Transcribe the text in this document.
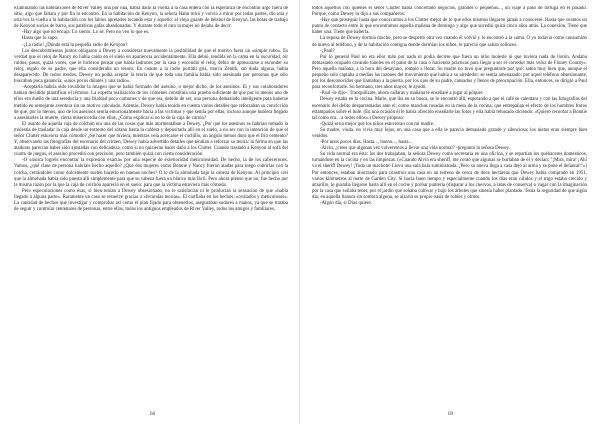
examinando las habitaciones de River Valley una por una, había dado la vuelta a la casa entera con la esperanza de encontrar algo fuera de sitio, algo que faltara y por fin lo encontró. En la habitación de Kenyon, la señora Hahn miró y volvió a mirar por todas partes, dio una y otra vez la vuelta a la habitación con los labios apretados tocando esto y aquello: el viejo guante de béisbol de Kenyon, las botas de trabajo de Kenyon sucias de barro, sus patéticas gafas abandonadas. Y durante todo el rato la mujer no dejaba de decir:

-Hay algo que no encaja. Lo siento. Lo sé. Pero no veo lo que es.

Hasta que lo supo.

-¿La radio! ¿Dónde está la pequeña radio de Kenyon?

Los descubrimientos juntos obligaron a Dewey a considerar nuevamente la posibilidad de que el motivo fuera un «simple robo». Es verdad que el reloj de Nancy no había caído en el suelo en apariencia accidentalmente. Ella debió, tendida en la cama en la oscuridad, oír ruidos, pasos, quizá voces, que le hicieron pensar que había ladrones por la casa y escondió el reloj, debió de apresurarse a esconder su reloj, regalo de su padre, que ella consideraba un tesoro. En cuanto a la radio portátil gris, marca Zenith, sin duda alguna, había desaparecido. De todos modos, Dewey no podía aceptar la teoría de que toda una familia había sido asesinada por personas que sólo buscaban poca ganancia: «unos pocos dólares y una radio».

-Aceptarla habría sido invalidar la imagen que se había formado del asesino, o mejor dicho, de los asesinos. El y sus colaboradores habían decidido plantificar el término. La experta realización de los crímenes constituía una prueba suficiente de que por lo menos uno de ellos era dueño de una sereducía y una frialdad poco comunes y de que era, debido de ser, una persona demasiado inteligente para haberse metido en semejante aventura sin un motivo calculado. Además, Dewey había tenido en cuenta varios detalles que reforzaban su convicción de que, por lo menos, uno de los asesinos sentía emocionalmente hacia a las víctimas y que sentía por ellas, incluso aunque hubiera llegado a asesinarles la muerte, cierta misericordia con ellas, ¿Cómo explicar si no lo de la caja de cartón?

El asunto de aquella caja de colchón era una de las cosas que más atormentaban a Dewey. ¿Por qué los asesinos se habrían tomado la molestia de trasladar la caja desde un extremo del sótano hasta la caldera y depositarla allí en el suelo, a no ser con la intención de que el señor Clutter estuviera más cómodo? ¿Se hacer que tuviera, mientras veía acercarse el cuchillo, un ángulo menos duro que el frío cemento? Y, observando las fotografías del escenario del crimen, Dewey había advertido detalles que tendían a reforzar su teoría: la forma en que las ataduras parecían haber sido ajustadas con delicadeza, como si no quisieran hacer daño a los Clutter. Cuando trasladó a Kenyon al sofá del cuarto de juegos, el asesino procedió con precisión, pero también quizá con cierta consideración.

-O «nunca logréis encontrar la expresión exacta» por una especie de exterioridad meticulosidad. De hecho, la de los cabecerones. Vamos, ¿qué clase de persona habríais hecho aquello? ¿Qué dos mujeres como Bonnie y Nancy fueron atadas para luego cubrirlas con la colcha, cerrándoles como dulcemente suelen hacerlo en buenas noches? O lo de la almohada bajo la cabeza de Kenyon. Al principio creí que la almohada había sido puesta allí simplemente para que su cabeza fuera un blanco más fácil. Pero ahora pienso que no, fue hecho por la misma razón por la que la caja de colchón apareció en el suelo: para que la víctima estuviera más cómoda.

Pero especulaciones como ésas, si bien tenían a Dewey obsesionado, no le satisfacían ni le producían la sensación de que «había llegado a alguna parte». Raramente un caso se resuelve gracias a «fecundas teorías». El confiaba en los hechos, «ovalados y meticulosos». La cantidad de hechos que investigar y comprobar así como el plan fijado para obtenerlos, aseguraban sudores a manos, ya que se trataba de seguir y controlar centenares de personas, entre ellas, todos los antiguos empleados de River Valley, todos los amigos y familiares,

68

todos aquellos con quienes el señor Clutter había concertado negocios, grandes o pequeños..., un viaje a paso de tortuga en el pasado. Porque, como Dewey lo dijo a sus compañeros:

-Hay que proseguir hasta que conozcamos a los Clutter mejor de lo que ellos mismos llegaron jamás a conocerse. Hasta que veamos un punto de contacto entre lo que encontramos aquella mañana de domingo y algo que sucedió quizá cinco años atrás. La conexión. Tiene que haber una. Tiene que haberla.

La esposa de Dewey dormía mucho, pero se despertó otra vez cuando él volvió y lo encontró a la cama. O yo todavía como consumido de nuevo al teléfono, y de la habitación contigua donde dormían los niños, le pareció que salían sollozos.

-¿Paul?

Por lo general Paul no era ellor mán por nada ni podía decirse que fuera un niño moleste ni que tuviera nada de llorón. Andaba demasiado ocupado cavando túneles en el patio de la casa o haciendo prácticas para llegar a ser el corredor más veloz de Finney County». Pero aquella mañana, a la hora del desayuno, rompió a llorar. Su madre no tuvo que preguntarle por qué: sabía muy bien que, aunque el pequeño sólo captaba a medias las razones del movimiento que había a su alrededor, se sentía amenazado: por aquel teléfono obsesionante, por los desconocidos que llamaban a la puerta, por los ojos de su padre, cansados y llenos de preocupación. Ella, entonces, se dirigió a Paul para reconfortarle. Su hermano, tres años mayor, le ayudó.

-Paul -le dijo-. Tranquilízate, ahora callarás y mañana te enseñaré a jugar al póquer.

Dewey estaba en la cocina. Marie, que iba en su busca, se lo encontró allí, esperando a que el café se calentara y con las fotografías del escenario del delito desparramadas ante el, como manchas rosadas en la mesa de la cocina, que entrepañan el efecto de los hombres frutos estampados sobre el hule. (En una ocasión él le había ofrecido enseñarle las fotos y ella había rehusado diciendo: «Quiero recordar a Bonnie tal como era... a todos ellos».) Dewey propuso:

-Quizá sería mejor que los niños estuvieran con mi madre.

Su madre, viuda, no vivía muy lejos, en una casa que a ella le parecía demasiado grande y silenciosa; los nietos eran siempre bien venidos.

-Por unos pocos días. Hasta..., bueno..., hasta...

-Alvin, ¿crees que algunas vez volveremos a llevar una vida normal? -preguntó la señora Dewey.

Su vida normal era ésta: los dos trabajaban, la señora Dewey como secretaria en una oficina, y se repartían los quehaceres domésticos, turnándose en la cocina y en las limpiezas. («Cuando Alvin era sheriff, me contó que algunas se burlaban de él y decían: "¡Mira, mira! ¡Ahí va el sheriff Dewey! ¡Todo un machote! Lleva una sola bala suministrada. ¡Pero su nueva llega a casa dejó al arma y se pone el delantal!"») Por entonces, estaban ahorrando para construir una casa en un terreno de cerca de doce hectáreas que Dewey había comprado en 1951, varios kilómetros al norte de Garden City. Si hacía buen tiempo y especialmente cuando los días eran cálidos y el trigo estaba crecido y amarillo, le gustaba llegarse hasta allí en el coche y probar puntería (disparar a los cuervos, a latas de conserva) o vagar con la imaginación por la casa que soñaba tener, por el jardín que soñaba cultivar y bajo los árboles que sinesía haber plantado. Tenía la seguridad de que algún día, en aquella llanura sin sombra alguna, se alzaría su propio oasis de robles y olmos.

-Algún día, si Dios quiere.

69
